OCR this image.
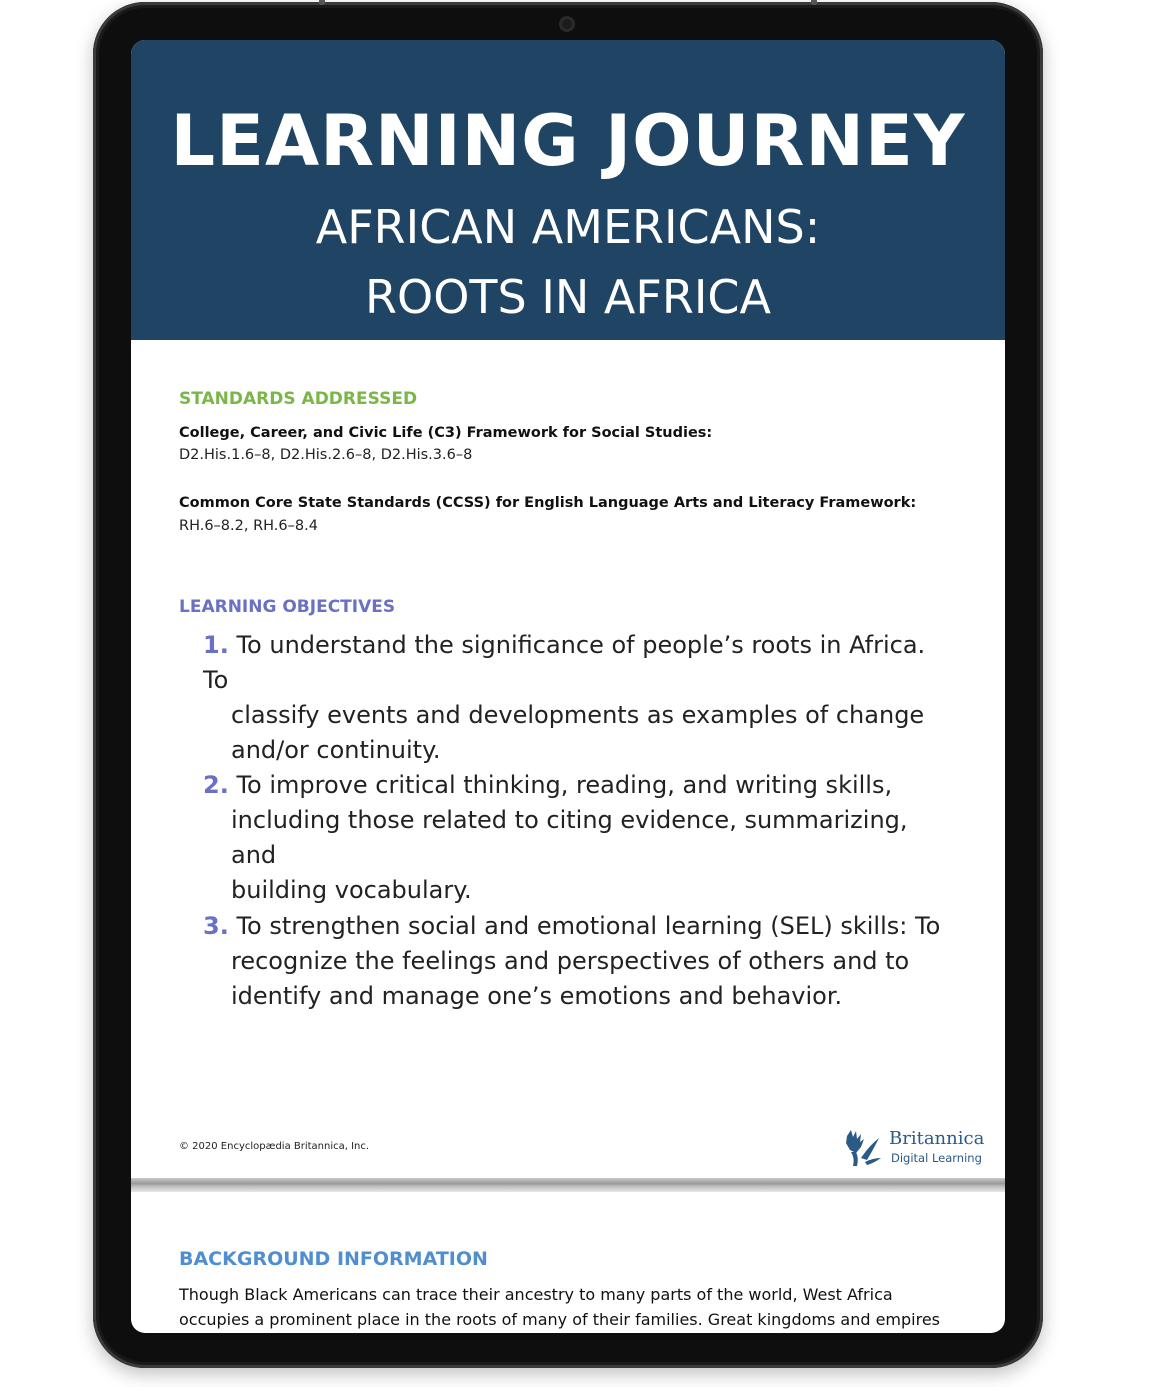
LEARNING JOURNEY
AFRICAN AMERICANS:
ROOTS IN AFRICA
STANDARDS ADDRESSED
College, Career, and Civic Life (C3) Framework for Social Studies:
D2.His.1.6–8, D2.His.2.6–8, D2.His.3.6–8
Common Core State Standards (CCSS) for English Language Arts and Literacy Framework:
RH.6–8.2, RH.6–8.4
LEARNING OBJECTIVES
1. To understand the significance of people’s roots in Africa. To
classify events and developments as examples of change
and/or continuity.
2. To improve critical thinking, reading, and writing skills,
including those related to citing evidence, summarizing, and
building vocabulary.
3. To strengthen social and emotional learning (SEL) skills: To
recognize the feelings and perspectives of others and to
identify and manage one’s emotions and behavior.
© 2020 Encyclopædia Britannica, Inc.	Britannica
Digital Learning
BACKGROUND INFORMATION
Though Black Americans can trace their ancestry to many parts of the world, West Africa
occupies a prominent place in the roots of many of their families. Great kingdoms and empires
